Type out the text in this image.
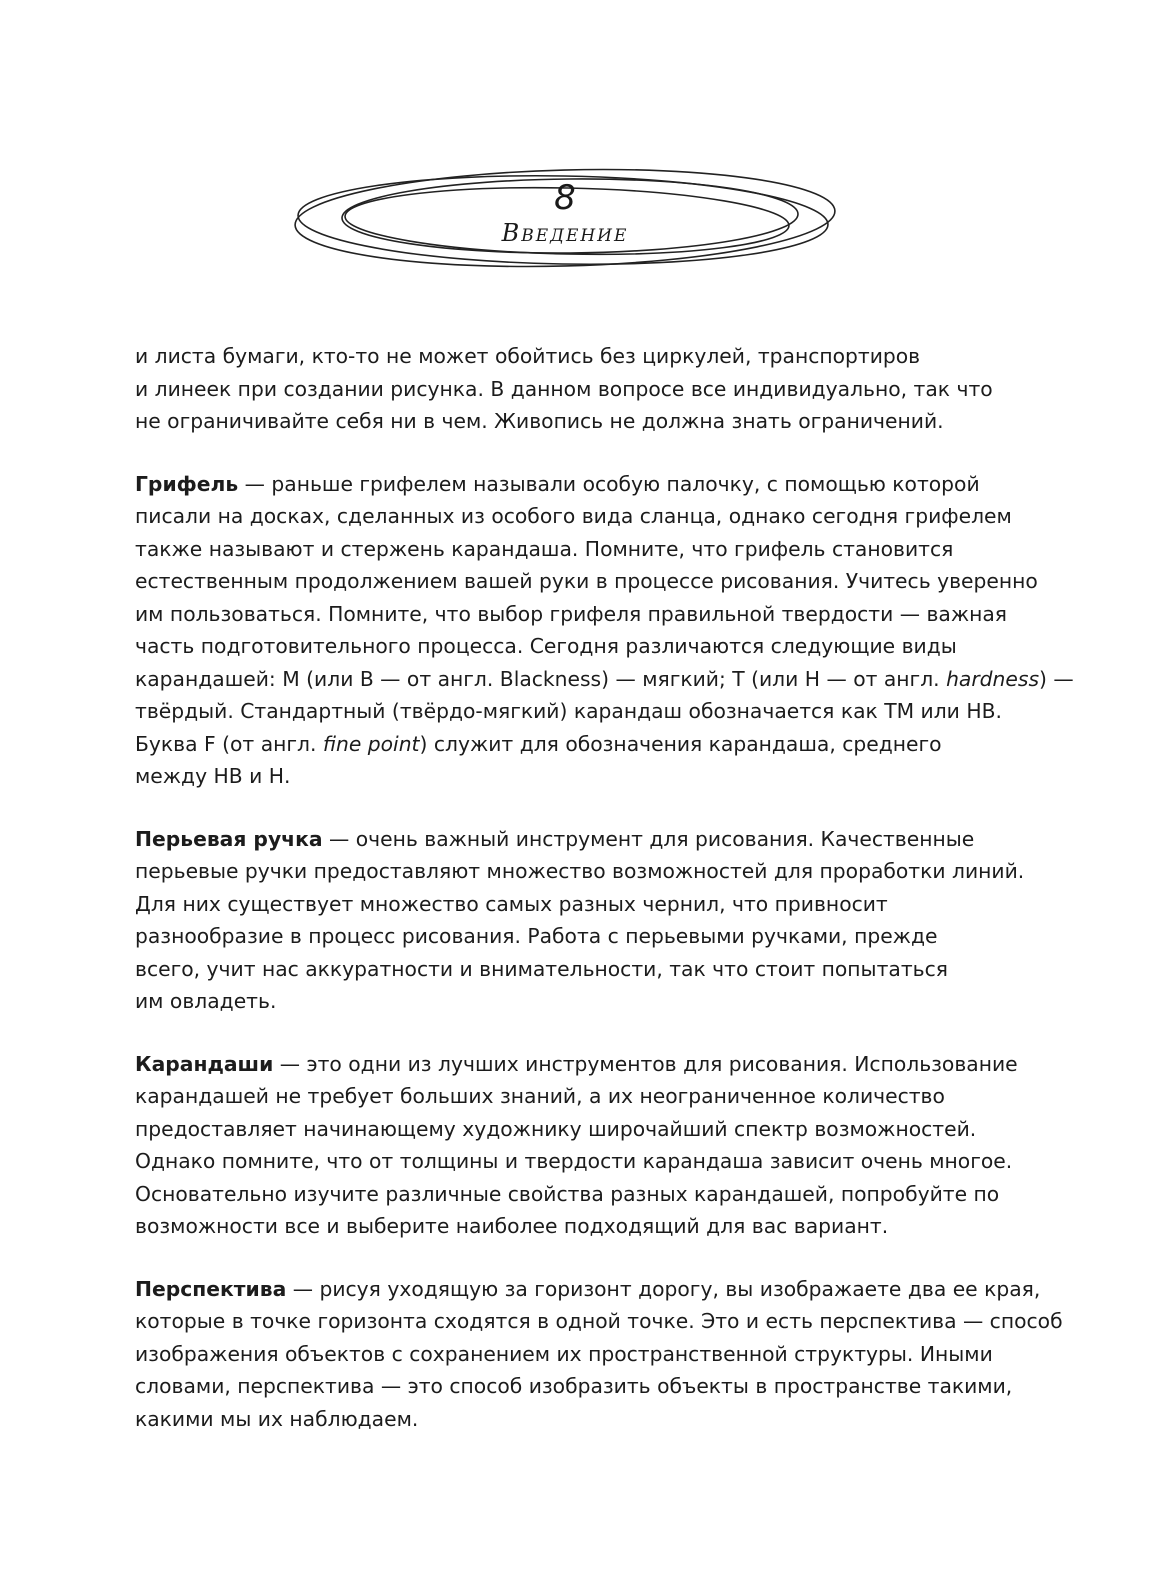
8
Введение

и листа бумаги, кто-то не может обойтись без циркулей, транспортиров
и линеек при создании рисунка. В данном вопросе все индивидуально, так что
не ограничивайте себя ни в чем. Живопись не должна знать ограничений.

Грифель — раньше грифелем называли особую палочку, с помощью которой
писали на досках, сделанных из особого вида сланца, однако сегодня грифелем
также называют и стержень карандаша. Помните, что грифель становится
естественным продолжением вашей руки в процессе рисования. Учитесь уверенно
им пользоваться. Помните, что выбор грифеля правильной твердости — важная
часть подготовительного процесса. Сегодня различаются следующие виды
карандашей: М (или В — от англ. Blackness) — мягкий; Т (или Н — от англ. hardness) —
твёрдый. Стандартный (твёрдо-мягкий) карандаш обозначается как ТМ или НВ.
Буква F (от англ. fine point) служит для обозначения карандаша, среднего
между НВ и Н.

Перьевая ручка — очень важный инструмент для рисования. Качественные
перьевые ручки предоставляют множество возможностей для проработки линий.
Для них существует множество самых разных чернил, что привносит
разнообразие в процесс рисования. Работа с перьевыми ручками, прежде
всего, учит нас аккуратности и внимательности, так что стоит попытаться
им овладеть.

Карандаши — это одни из лучших инструментов для рисования. Использование
карандашей не требует больших знаний, а их неограниченное количество
предоставляет начинающему художнику широчайший спектр возможностей.
Однако помните, что от толщины и твердости карандаша зависит очень многое.
Основательно изучите различные свойства разных карандашей, попробуйте по
возможности все и выберите наиболее подходящий для вас вариант.

Перспектива — рисуя уходящую за горизонт дорогу, вы изображаете два ее края,
которые в точке горизонта сходятся в одной точке. Это и есть перспектива — способ
изображения объектов с сохранением их пространственной структуры. Иными
словами, перспектива — это способ изобразить объекты в пространстве такими,
какими мы их наблюдаем.
